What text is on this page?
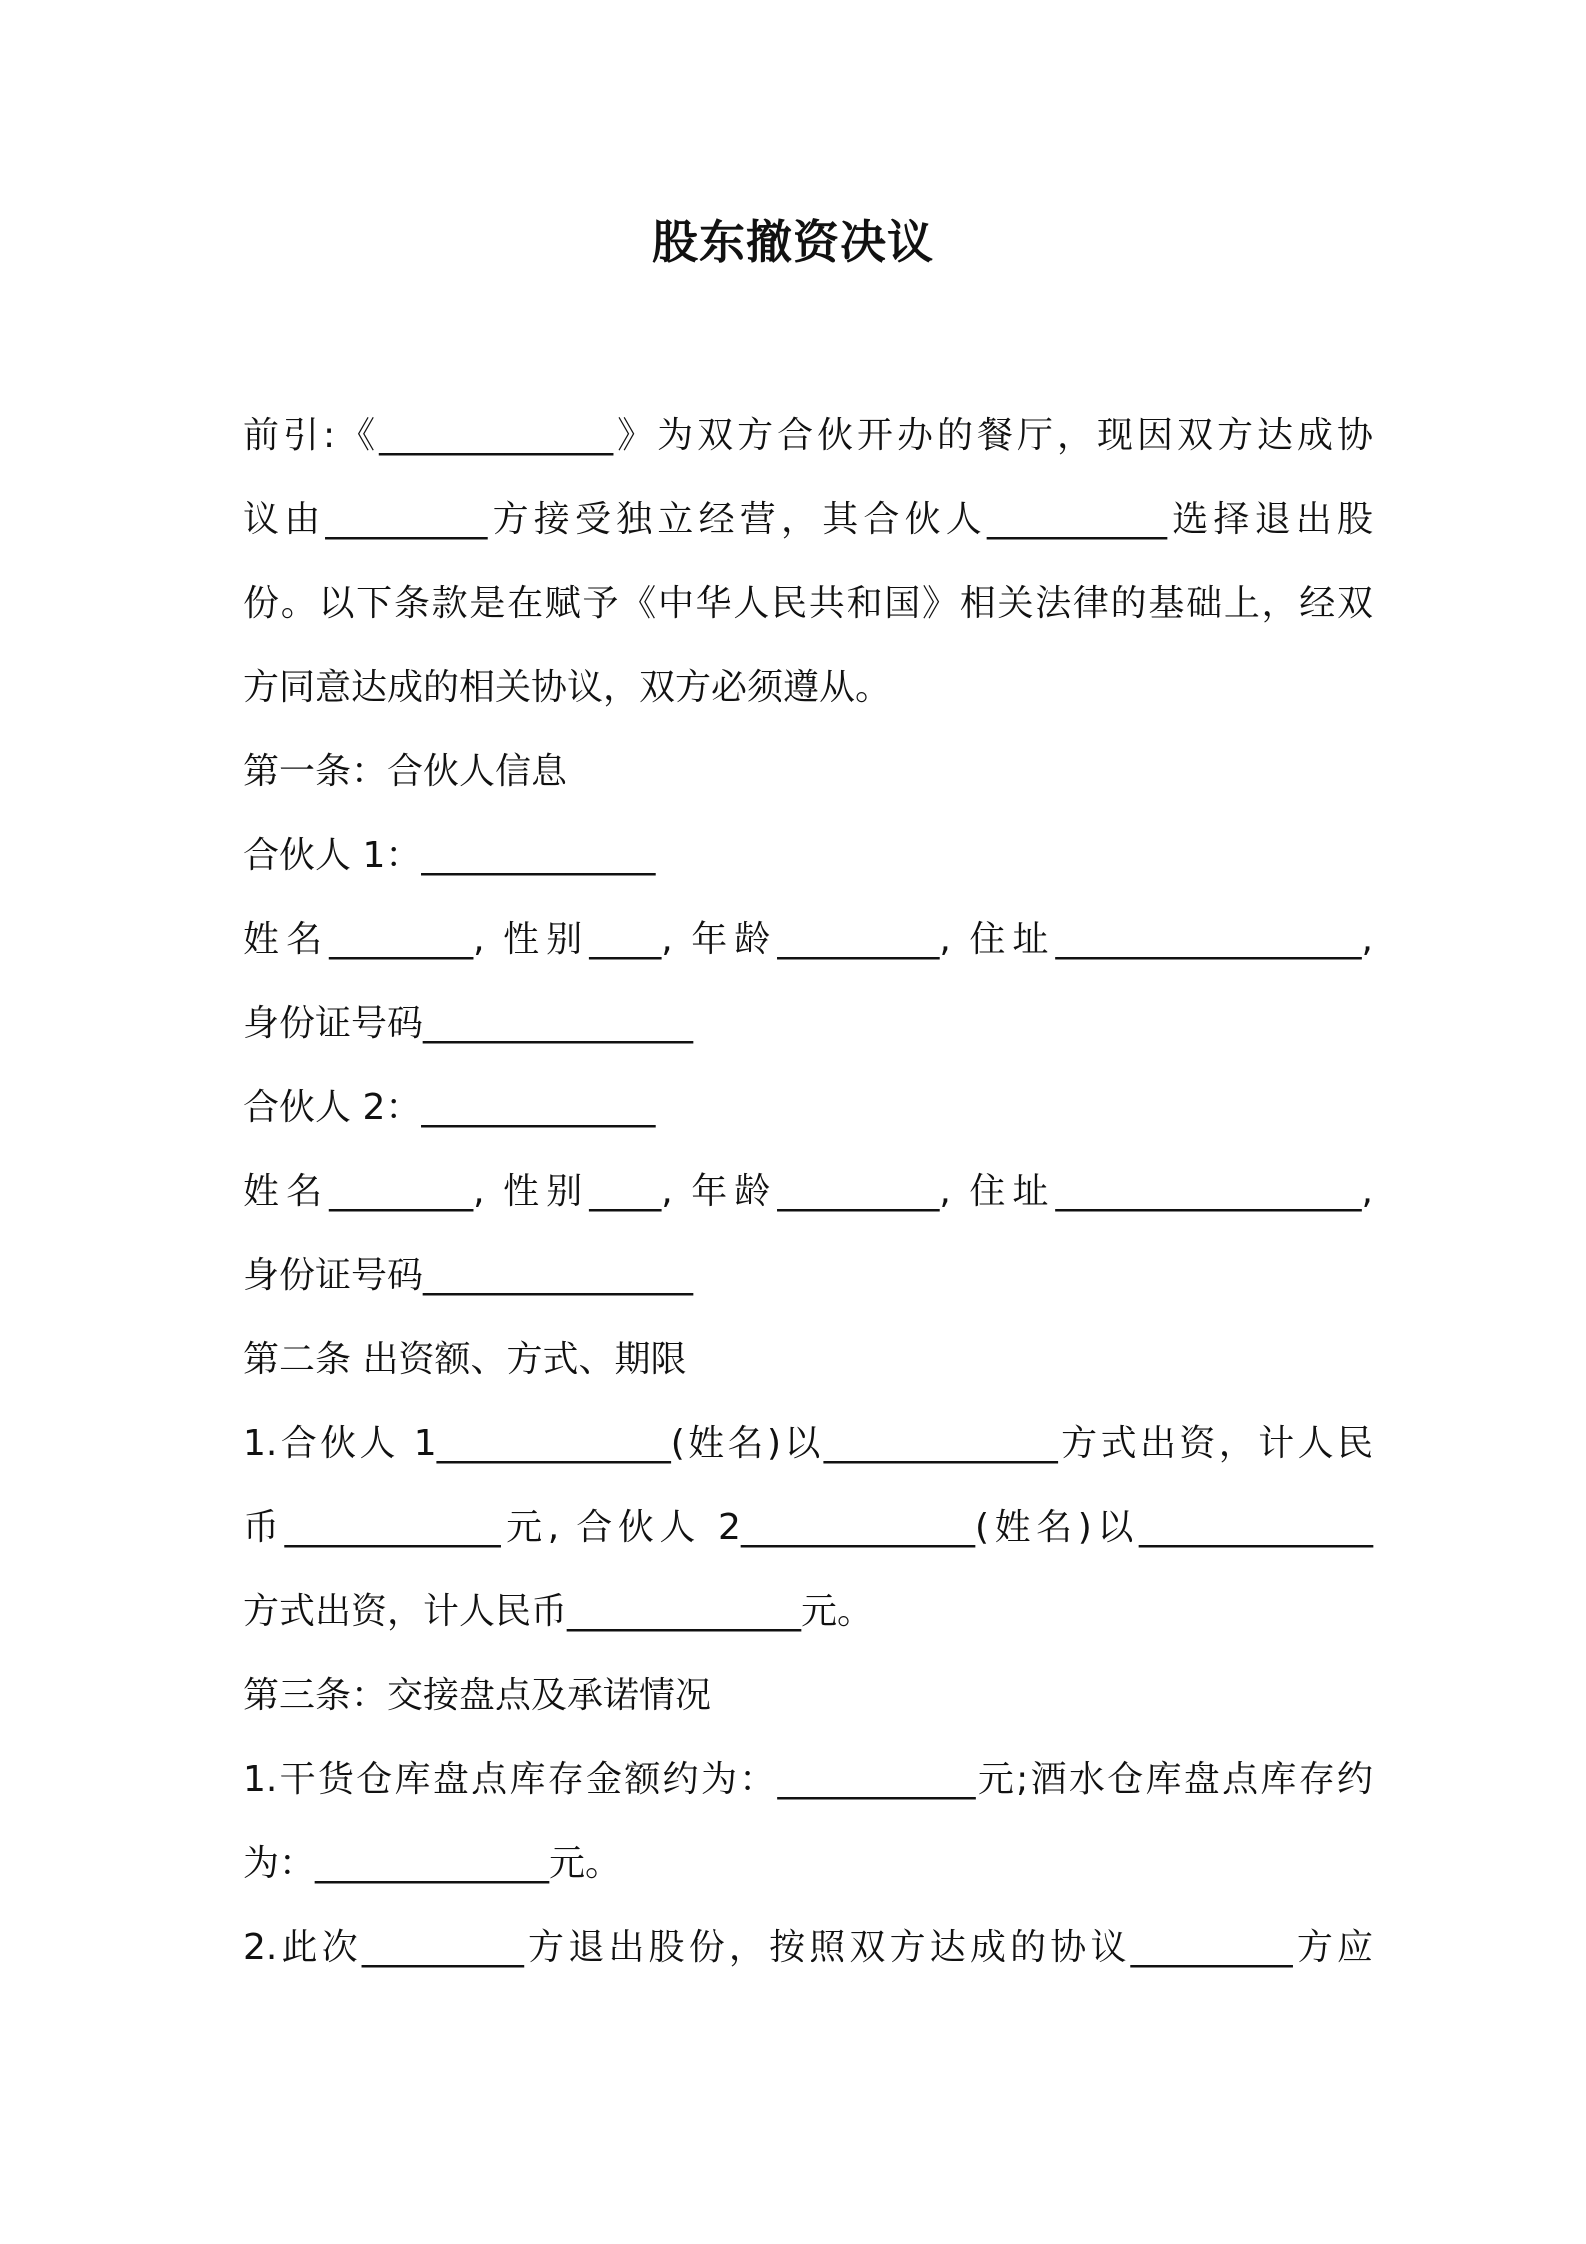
股东撤资决议
前引:《_____________》为双方合伙开办的餐厅，现因双方达成协
议由_________方接受独立经营，其合伙人__________选择退出股
份。以下条款是在赋予《中华人民共和国》相关法律的基础上，经双
方同意达成的相关协议，双方必须遵从。
第一条：合伙人信息
合伙人 1：_____________
姓名________, 性别____, 年龄_________, 住址_________________,
身份证号码_______________
合伙人 2：_____________
姓名________, 性别____, 年龄_________, 住址_________________,
身份证号码_______________
第二条 出资额、方式、期限
1.合伙人 1_____________(姓名)以_____________方式出资，计人民
币____________元, 合伙人 2_____________(姓名)以_____________
方式出资，计人民币_____________元。
第三条：交接盘点及承诺情况
1.干货仓库盘点库存金额约为：___________元;酒水仓库盘点库存约
为：_____________元。
2.此次_________方退出股份，按照双方达成的协议_________方应
